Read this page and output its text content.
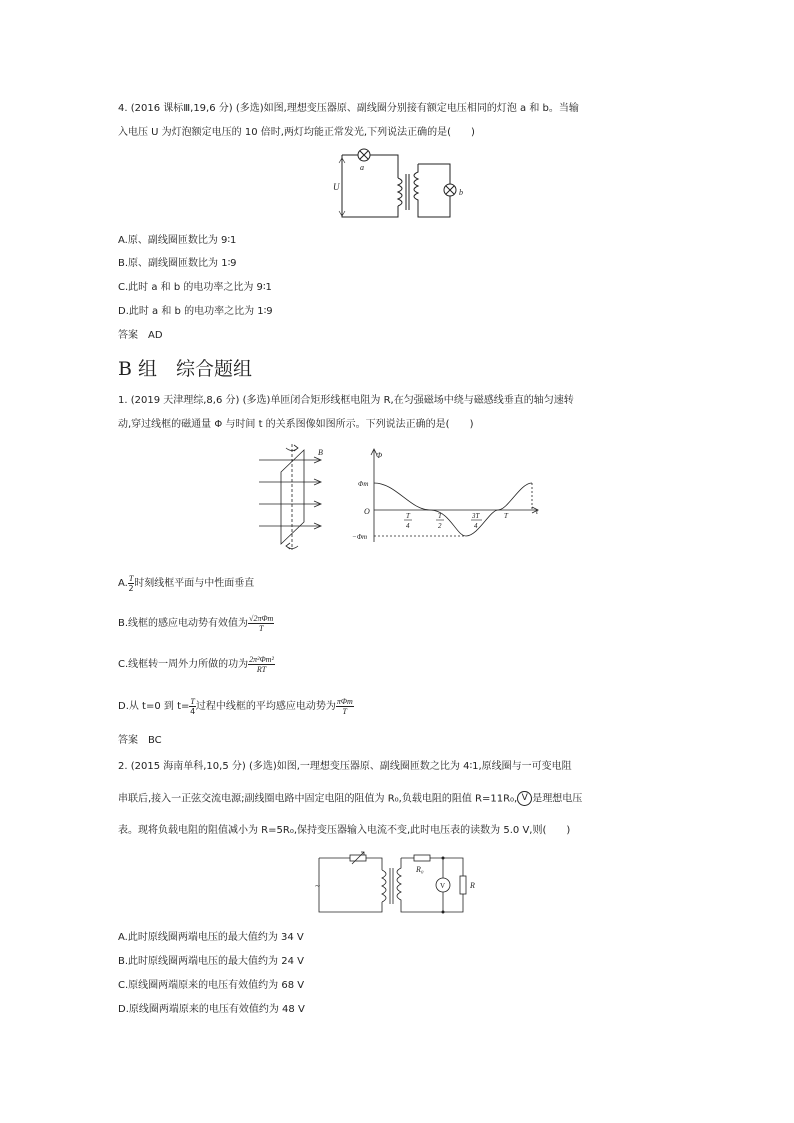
4. (2016 课标Ⅲ,19,6 分) (多选)如图,理想变压器原、副线圈分别接有额定电压相同的灯泡 a 和 b。当输
入电压 U 为灯泡额定电压的 10 倍时,两灯均能正常发光,下列说法正确的是(　　)
a
b
U
A.原、副线圈匝数比为 9∶1
B.原、副线圈匝数比为 1∶9
C.此时 a 和 b 的电功率之比为 9∶1
D.此时 a 和 b 的电功率之比为 1∶9
答案　AD
B 组　综合题组
1. (2019 天津理综,8,6 分) (多选)单匝闭合矩形线框电阻为 R,在匀强磁场中绕与磁感线垂直的轴匀速转
动,穿过线框的磁通量 Φ 与时间 t 的关系图像如图所示。下列说法正确的是(　　)
B	Φ
Φm
O
−Φm
t
T
4
T
2
3T
4
T
A. $\frac{T}{2}$ 时刻线框平面与中性面垂直
B.线框的感应电动势有效值为 $\frac{\text{√2πΦm}}{T}$
C.线框转一周外力所做的功为 $\frac{\text{2π²Φm²}}{RT}$
D.从 t=0 到 $t= \frac{T}{4}$ 过程中线框的平均感应电动势为 $\frac{\text{πΦm}}{T}$
答案　BC
2. (2015 海南单科,10,5 分) (多选)如图,一理想变压器原、副线圈匝数之比为 4∶1,原线圈与一可变电阻
串联后,接入一正弦交流电源;副线圈电路中固定电阻的阻值为 R₀,负载电阻的阻值 R=11R₀, V 是理想电压
表。现将负载电阻的阻值减小为 R=5R₀,保持变压器输入电流不变,此时电压表的读数为 5.0 V,则(　　)
~
R₀
R
V
A.此时原线圈两端电压的最大值约为 34 V
B.此时原线圈两端电压的最大值约为 24 V
C.原线圈两端原来的电压有效值约为 68 V
D.原线圈两端原来的电压有效值约为 48 V
